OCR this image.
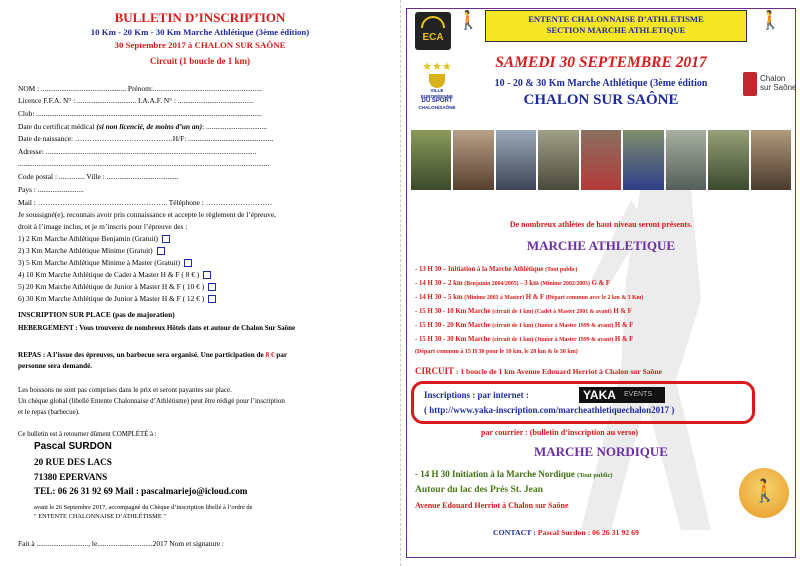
BULLETIN D’INSCRIPTION
10 Km - 20 Km - 30 Km Marche Athlétique (3ème édition)
30 Septembre 2017 à CHALON SUR SAÔNE
Circuit (1 boucle de 1 km)
NOM : .............................................. Prénom:...........................................................
Licence F.F.A. N° : ................................ I.A.A.F. N° : .........................................
Club: ..........................................................................................................................
Date du certificat médical (si non licencié, de moins d’un an): .................................
Date de naissance: ………………………………….H/F: ..............................................
Adresse: ..................................................................................................................
........................................................................................................................................
Code postal : .............. Ville : .......................................
Pays : .........................
Mail : …………………………………………….. Téléphone : ………………………
Je soussigné(e), reconnais avoir pris connaissance et accepte le règlement de l’épreuve,
droit à l’image inclus, et je m’inscris pour l’épreuve des :
1) 2 Km Marche Athlétique Benjamin (Gratuit)
2) 3 Km Marche Athlétique Minime (Gratuit)
3) 5 Km Marche Athlétique Minime à Master (Gratuit)
4) 10 Km Marche Athlétique de Cadet à Master H & F ( 8 € )
5) 20 Km Marche Athlétique de Junior à Master H & F ( 10 € )
6) 30 Km Marche Athlétique de Junior à Master H & F ( 12 € )
INSCRIPTION SUR PLACE (pas de majoration)
HEBERGEMENT : Vous trouverez de nombreux Hôtels dans et autour de Chalon Sur Saône
REPAS : A l’issue des épreuves, un barbecue sera organisé. Une participation de 8 € par
personne sera demandé.
Les boissons ne sont pas comprises dans le prix et seront payantes sur place.
Un chèque global (libellé Entente Chalonnaise d’Athlétisme) peut être rédigé pour l’inscription
et le repas (barbecue).
Ce bulletin est à retourner dûment COMPLÉTÉ à :
Pascal SURDON
20 RUE DES LACS
71380 EPERVANS
TEL: 06 26 31 92 69 Mail : pascalmariejo@icloud.com
avant le 26 Septembre 2017, accompagné du Chèque d’inscription libellé à l’ordre de
" ENTENTE CHALONNAISE D’ATHLÉTISME "
Fait à ............................, le..............................2017 Nom et signature :
ECA
🚶	🚶
ENTENTE CHALONNAISE D’ATHLETISME
SECTION MARCHE ATHLETIQUE
★★★
VILLE
EUROPÉENNE
DU SPORT
CHALON/SAÔNE
Chalon
sur Saône
SAMEDI 30 SEPTEMBRE 2017
10 - 20 & 30 Km Marche Athlétique (3ème édition
CHALON SUR SAÔNE
De nombreux athlètes de haut niveau seront présents.
MARCHE ATHLETIQUE
- 13 H 30 – Initiation à la Marche Athlétique (Tout public)
- 14 H 30 – 2 km (Benjamin 2004/2005) - 3 km (Minime 2002/2003) G & F
- 14 H 30 – 5 km (Minime 2003 à Master) H & F (Départ commun avec le 2 km & 3 Km)
- 15 H 30 - 10 Km Marche (circuit de 1 km) (Cadet à Master 2001 & avant) H & F
- 15 H 30 - 20 Km Marche (circuit de 1 km) (Junior à Master 1999 & avant) H & F
- 15 H 30 - 30 Km Marche (circuit de 1 km) (Junior à Master 1999 & avant) H & F
(Départ commun à 15 H 30 pour le 10 km, le 20 km & le 30 km)
CIRCUIT : 1 boucle de 1 km Avenue Edouard Herriot à Chalon sur Saône
Inscriptions : par internet :	YAKA EVENTS
( http://www.yaka-inscription.com/marcheathletiquechalon2017 )
par courrier : (bulletin d’inscription au verso)
MARCHE NORDIQUE
- 14 H 30 Initiation à la Marche Nordique (Tout public)
Autour du lac des Prés St. Jean
Avenue Edouard Herriot à Chalon sur Saône
🚶
CONTACT : Pascal Surdon : 06 26 31 92 69
